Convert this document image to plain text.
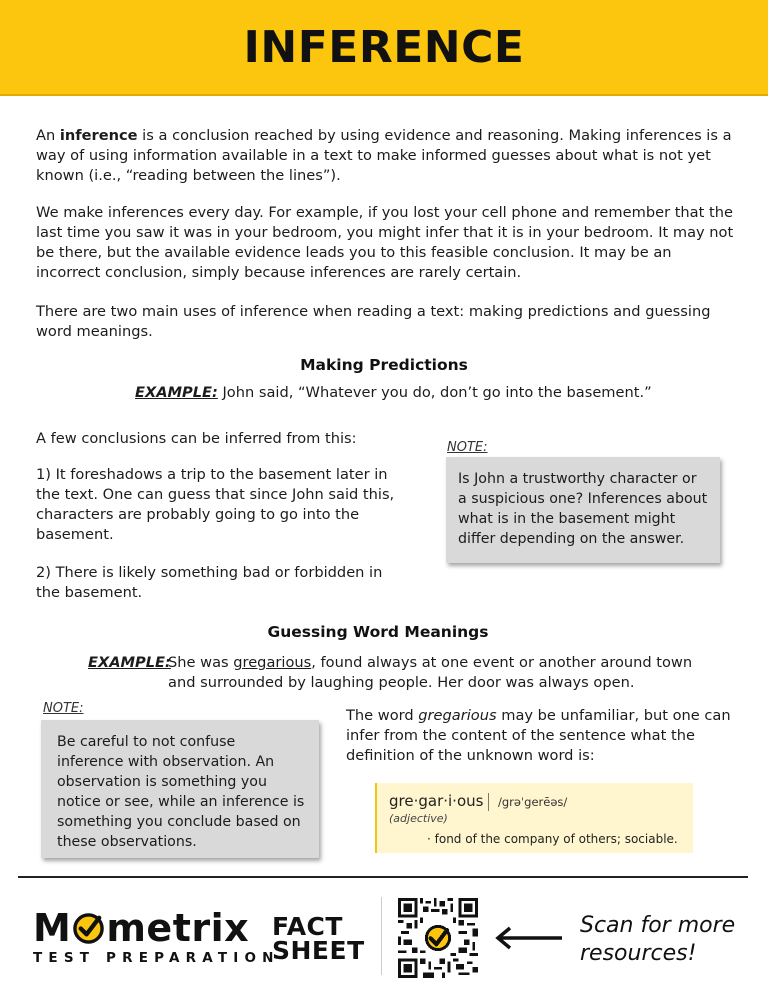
INFERENCE

An inference is a conclusion reached by using evidence and reasoning. Making inferences is a way of using information available in a text to make informed guesses about what is not yet known (i.e., “reading between the lines”).

We make inferences every day. For example, if you lost your cell phone and remember that the last time you saw it was in your bedroom, you might infer that it is in your bedroom. It may not be there, but the available evidence leads you to this feasible conclusion. It may be an incorrect conclusion, simply because inferences are rarely certain.

There are two main uses of inference when reading a text: making predictions and guessing word meanings.

Making Predictions

EXAMPLE: John said, “Whatever you do, don’t go into the basement.”

A few conclusions can be inferred from this:

1) It foreshadows a trip to the basement later in the text. One can guess that since John said this, characters are probably going to go into the basement.

2) There is likely something bad or forbidden in the basement.

NOTE:
Is John a trustworthy character or a suspicious one? Inferences about what is in the basement might differ depending on the answer.
Guessing Word Meanings
EXAMPLE:
She was gregarious, found always at one event or another around town and surrounded by laughing people. Her door was always open.
NOTE:
Be careful to not confuse inference with observation. An observation is something you notice or see, while an inference is something you conclude based on these observations.

The word gregarious may be unfamiliar, but one can infer from the content of the sentence what the definition of the unknown word is:

gre·gar·i·ous /grəˈgerēəs/
(adjective)
· fond of the company of others; sociable.
M metrix
TEST PREPARATION
FACT
SHEET
Scan for more
resources!
